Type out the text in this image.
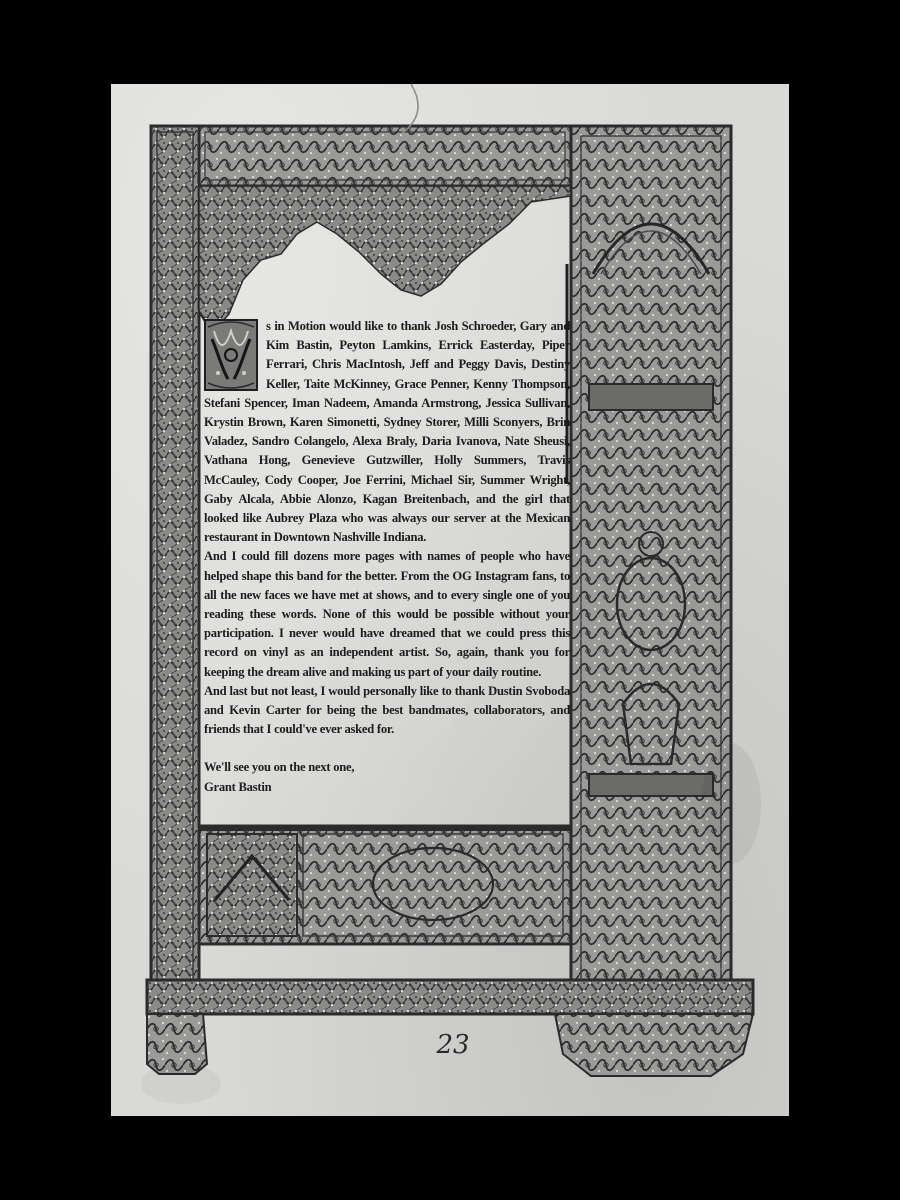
s in Motion would like to thank Josh Schroeder, Gary and Kim Bastin, Peyton Lamkins, Errick Easterday, Piper Ferrari, Chris MacIntosh, Jeff and Peggy Davis, Destiny Keller, Taite McKinney, Grace Penner, Kenny Thompson, Stefani Spencer, Iman Nadeem, Amanda Armstrong, Jessica Sullivan, Krystin Brown, Karen Simonetti, Sydney Storer, Milli Sconyers, Brin Valadez, Sandro Colangelo, Alexa Braly, Daria Ivanova, Nate Sheusi, Vathana Hong, Genevieve Gutzwiller, Holly Summers, Travis McCauley, Cody Cooper, Joe Ferrini, Michael Sir, Summer Wright, Gaby Alcala, Abbie Alonzo, Kagan Breitenbach, and the girl that looked like Aubrey Plaza who was always our server at the Mexican restaurant in Downtown Nashville Indiana.

And I could fill dozens more pages with names of people who have helped shape this band for the better. From the OG Instagram fans, to all the new faces we have met at shows, and to every single one of you reading these words. None of this would be possible without your participation. I never would have dreamed that we could press this record on vinyl as an independent artist. So, again, thank you for keeping the dream alive and making us part of your daily routine.

And last but not least, I would personally like to thank Dustin Svoboda and Kevin Carter for being the best bandmates, collaborators, and friends that I could've ever asked for.

We'll see you on the next one,
Grant Bastin
23
